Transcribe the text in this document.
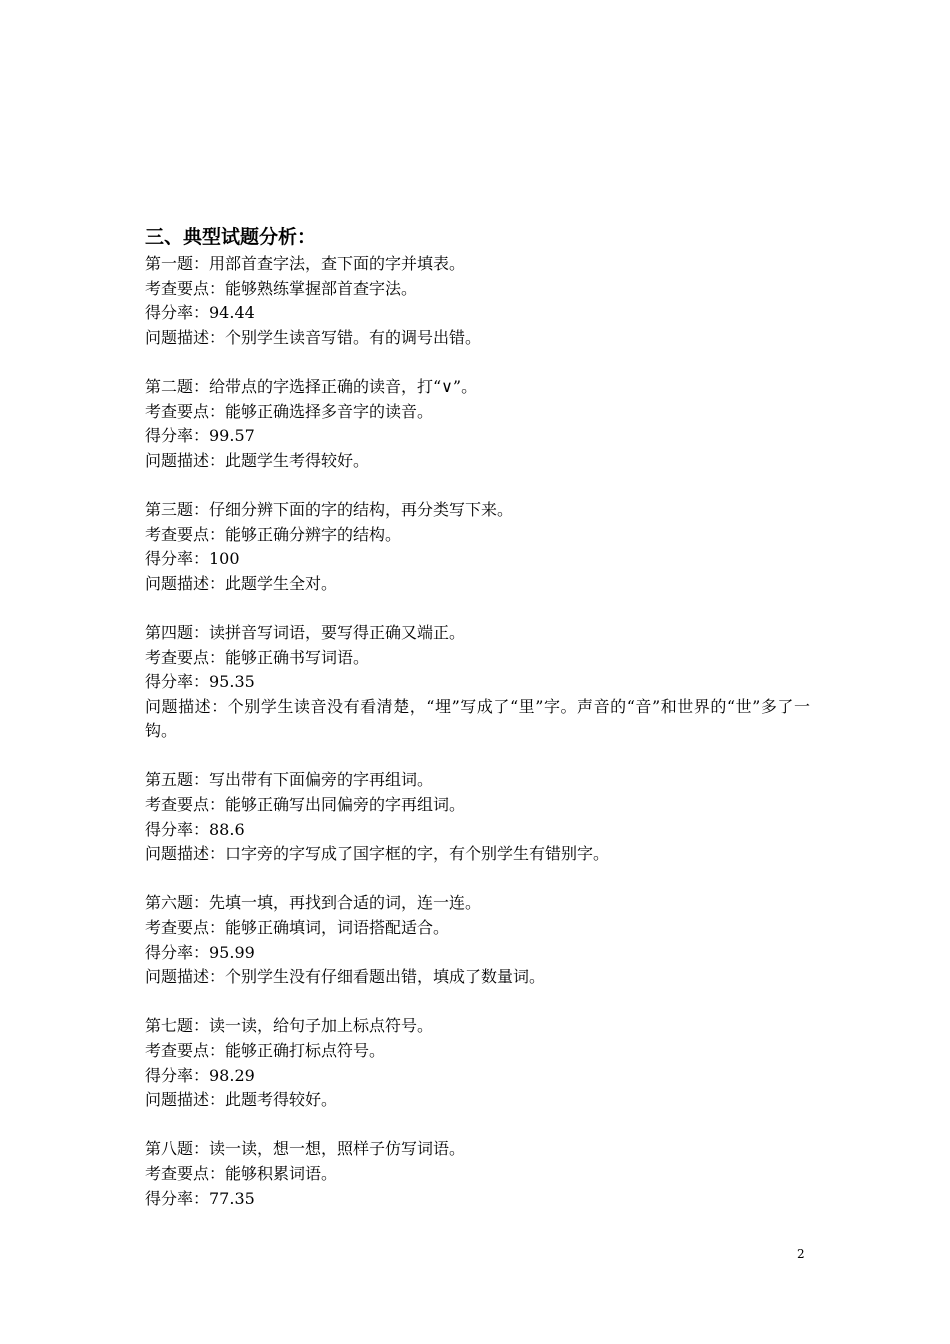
三、典型试题分析：
第一题：用部首查字法，查下面的字并填表。
考查要点：能够熟练掌握部首查字法。
得分率：94.44
问题描述：个别学生读音写错。有的调号出错。
第二题：给带点的字选择正确的读音，打“∨”。
考查要点：能够正确选择多音字的读音。
得分率：99.57
问题描述：此题学生考得较好。
第三题：仔细分辨下面的字的结构，再分类写下来。
考查要点：能够正确分辨字的结构。
得分率：100
问题描述：此题学生全对。
第四题：读拼音写词语，要写得正确又端正。
考查要点：能够正确书写词语。
得分率：95.35
问题描述：个别学生读音没有看清楚，“埋”写成了“里”字。声音的“音”和世界的“世”多了一钩。
第五题：写出带有下面偏旁的字再组词。
考查要点：能够正确写出同偏旁的字再组词。
得分率：88.6
问题描述：口字旁的字写成了国字框的字，有个别学生有错别字。
第六题：先填一填，再找到合适的词，连一连。
考查要点：能够正确填词，词语搭配适合。
得分率：95.99
问题描述：个别学生没有仔细看题出错，填成了数量词。
第七题：读一读，给句子加上标点符号。
考查要点：能够正确打标点符号。
得分率：98.29
问题描述：此题考得较好。
第八题：读一读，想一想，照样子仿写词语。
考查要点：能够积累词语。
得分率：77.35
2
